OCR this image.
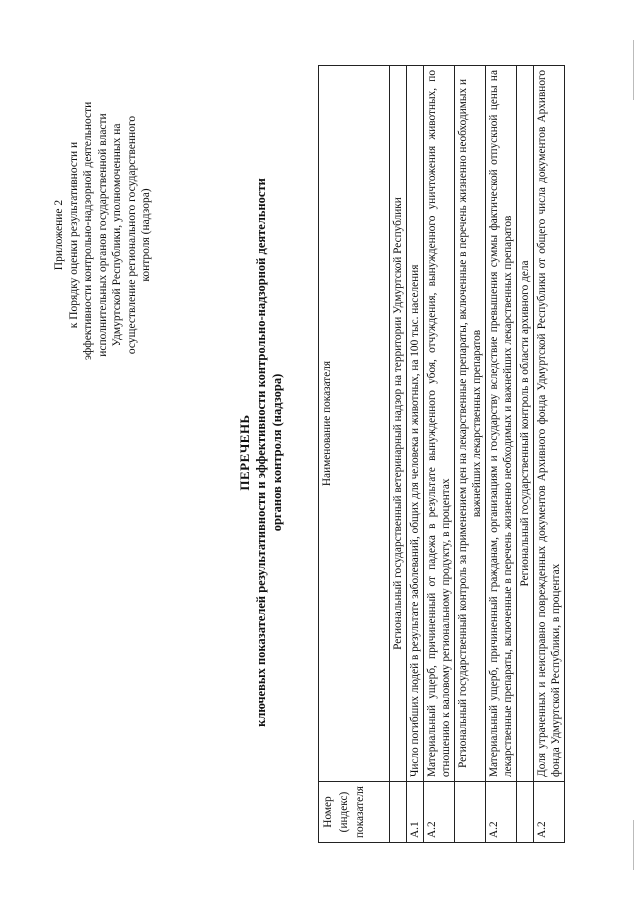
Приложение 2 к Порядку оценки результативности и эффективности контрольно-надзорной деятельности исполнительных органов государственной власти Удмуртской Республики, уполномоченных на осуществление регионального государственного контроля (надзора)
ПЕРЕЧЕНЬ ключевых показателей результативности и эффективности контрольно-надзорной деятельности органов контроля (надзора)
Номер (индекс) показателя	Наименование показателя
	Региональный государственный ветеринарный надзор на территории Удмуртской Республики
А.1	Число погибших людей в результате заболеваний, общих для человека и животных, на 100 тыс. населения
А.2	Материальный ущерб, причиненный от падежа в результате вынужденного убоя, отчуждения, вынужденного уничтожения животных, по отношению к валовому региональному продукту, в процентах
	Региональный государственный контроль за применением цен на лекарственные препараты, включенные в перечень жизненно необходимых и важнейших лекарственных препаратов
А.2	Материальный ущерб, причиненный гражданам, организациям и государству вследствие превышения суммы фактической отпускной цены на лекарственные препараты, включенные в перечень жизненно необходимых и важнейших лекарственных препаратов
	Региональный государственный контроль в области архивного дела
А.2	Доля утраченных и неисправно поврежденных документов Архивного фонда Удмуртской Республики от общего числа документов Архивного фонда Удмуртской Республики, в процентах
